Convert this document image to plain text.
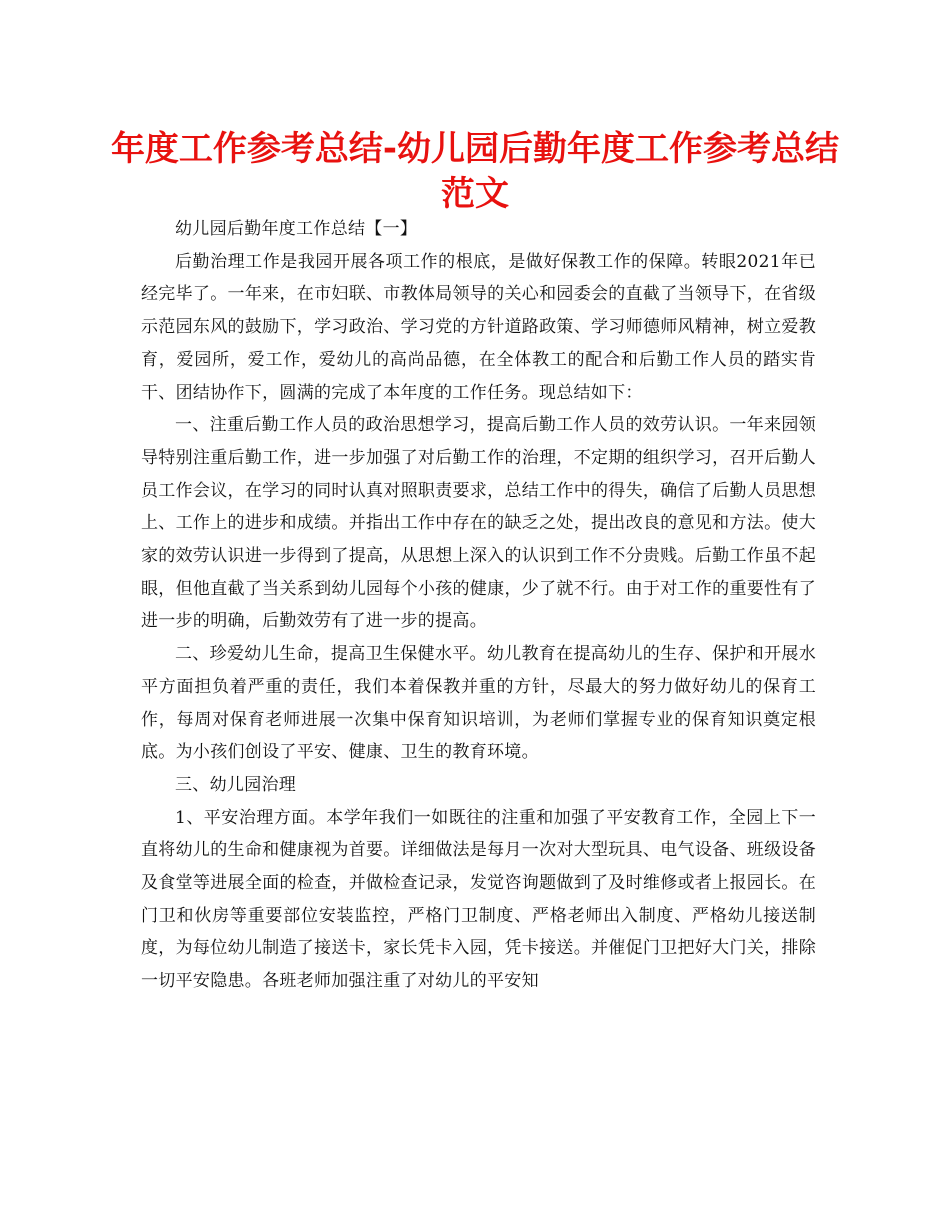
年度工作参考总结-幼儿园后勤年度工作参考总结
范文

幼儿园后勤年度工作总结【一】

后勤治理工作是我园开展各项工作的根底，是做好保教工作的保障。转眼2021年已经完毕了。一年来，在市妇联、市教体局领导的关心和园委会的直截了当领导下，在省级示范园东风的鼓励下，学习政治、学习党的方针道路政策、学习师德师风精神，树立爱教育，爱园所，爱工作，爱幼儿的高尚品德，在全体教工的配合和后勤工作人员的踏实肯干、团结协作下，圆满的完成了本年度的工作任务。现总结如下：

一、注重后勤工作人员的政治思想学习，提高后勤工作人员的效劳认识。一年来园领导特别注重后勤工作，进一步加强了对后勤工作的治理，不定期的组织学习，召开后勤人员工作会议，在学习的同时认真对照职责要求，总结工作中的得失，确信了后勤人员思想上、工作上的进步和成绩。并指出工作中存在的缺乏之处，提出改良的意见和方法。使大家的效劳认识进一步得到了提高，从思想上深入的认识到工作不分贵贱。后勤工作虽不起眼，但他直截了当关系到幼儿园每个小孩的健康，少了就不行。由于对工作的重要性有了进一步的明确，后勤效劳有了进一步的提高。

二、珍爱幼儿生命，提高卫生保健水平。幼儿教育在提高幼儿的生存、保护和开展水平方面担负着严重的责任，我们本着保教并重的方针，尽最大的努力做好幼儿的保育工作，每周对保育老师进展一次集中保育知识培训，为老师们掌握专业的保育知识奠定根底。为小孩们创设了平安、健康、卫生的教育环境。

三、幼儿园治理

1、平安治理方面。本学年我们一如既往的注重和加强了平安教育工作，全园上下一直将幼儿的生命和健康视为首要。详细做法是每月一次对大型玩具、电气设备、班级设备及食堂等进展全面的检查，并做检查记录，发觉咨询题做到了及时维修或者上报园长。在门卫和伙房等重要部位安装监控，严格门卫制度、严格老师出入制度、严格幼儿接送制度，为每位幼儿制造了接送卡，家长凭卡入园，凭卡接送。并催促门卫把好大门关，排除一切平安隐患。各班老师加强注重了对幼儿的平安知
